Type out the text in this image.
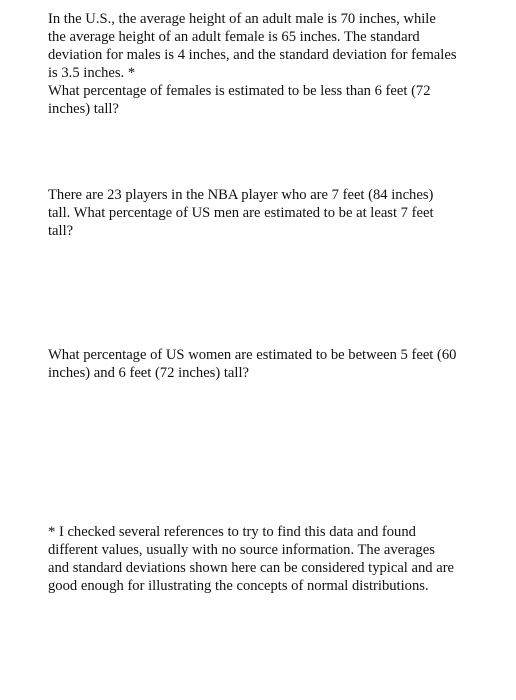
In the U.S., the average height of an adult male is 70 inches, while
the average height of an adult female is 65 inches. The standard
deviation for males is 4 inches, and the standard deviation for females
is 3.5 inches. *
What percentage of females is estimated to be less than 6 feet (72
inches) tall?
There are 23 players in the NBA player who are 7 feet (84 inches)
tall. What percentage of US men are estimated to be at least 7 feet
tall?
What percentage of US women are estimated to be between 5 feet (60
inches) and 6 feet (72 inches) tall?
* I checked several references to try to find this data and found
different values, usually with no source information. The averages
and standard deviations shown here can be considered typical and are
good enough for illustrating the concepts of normal distributions.
